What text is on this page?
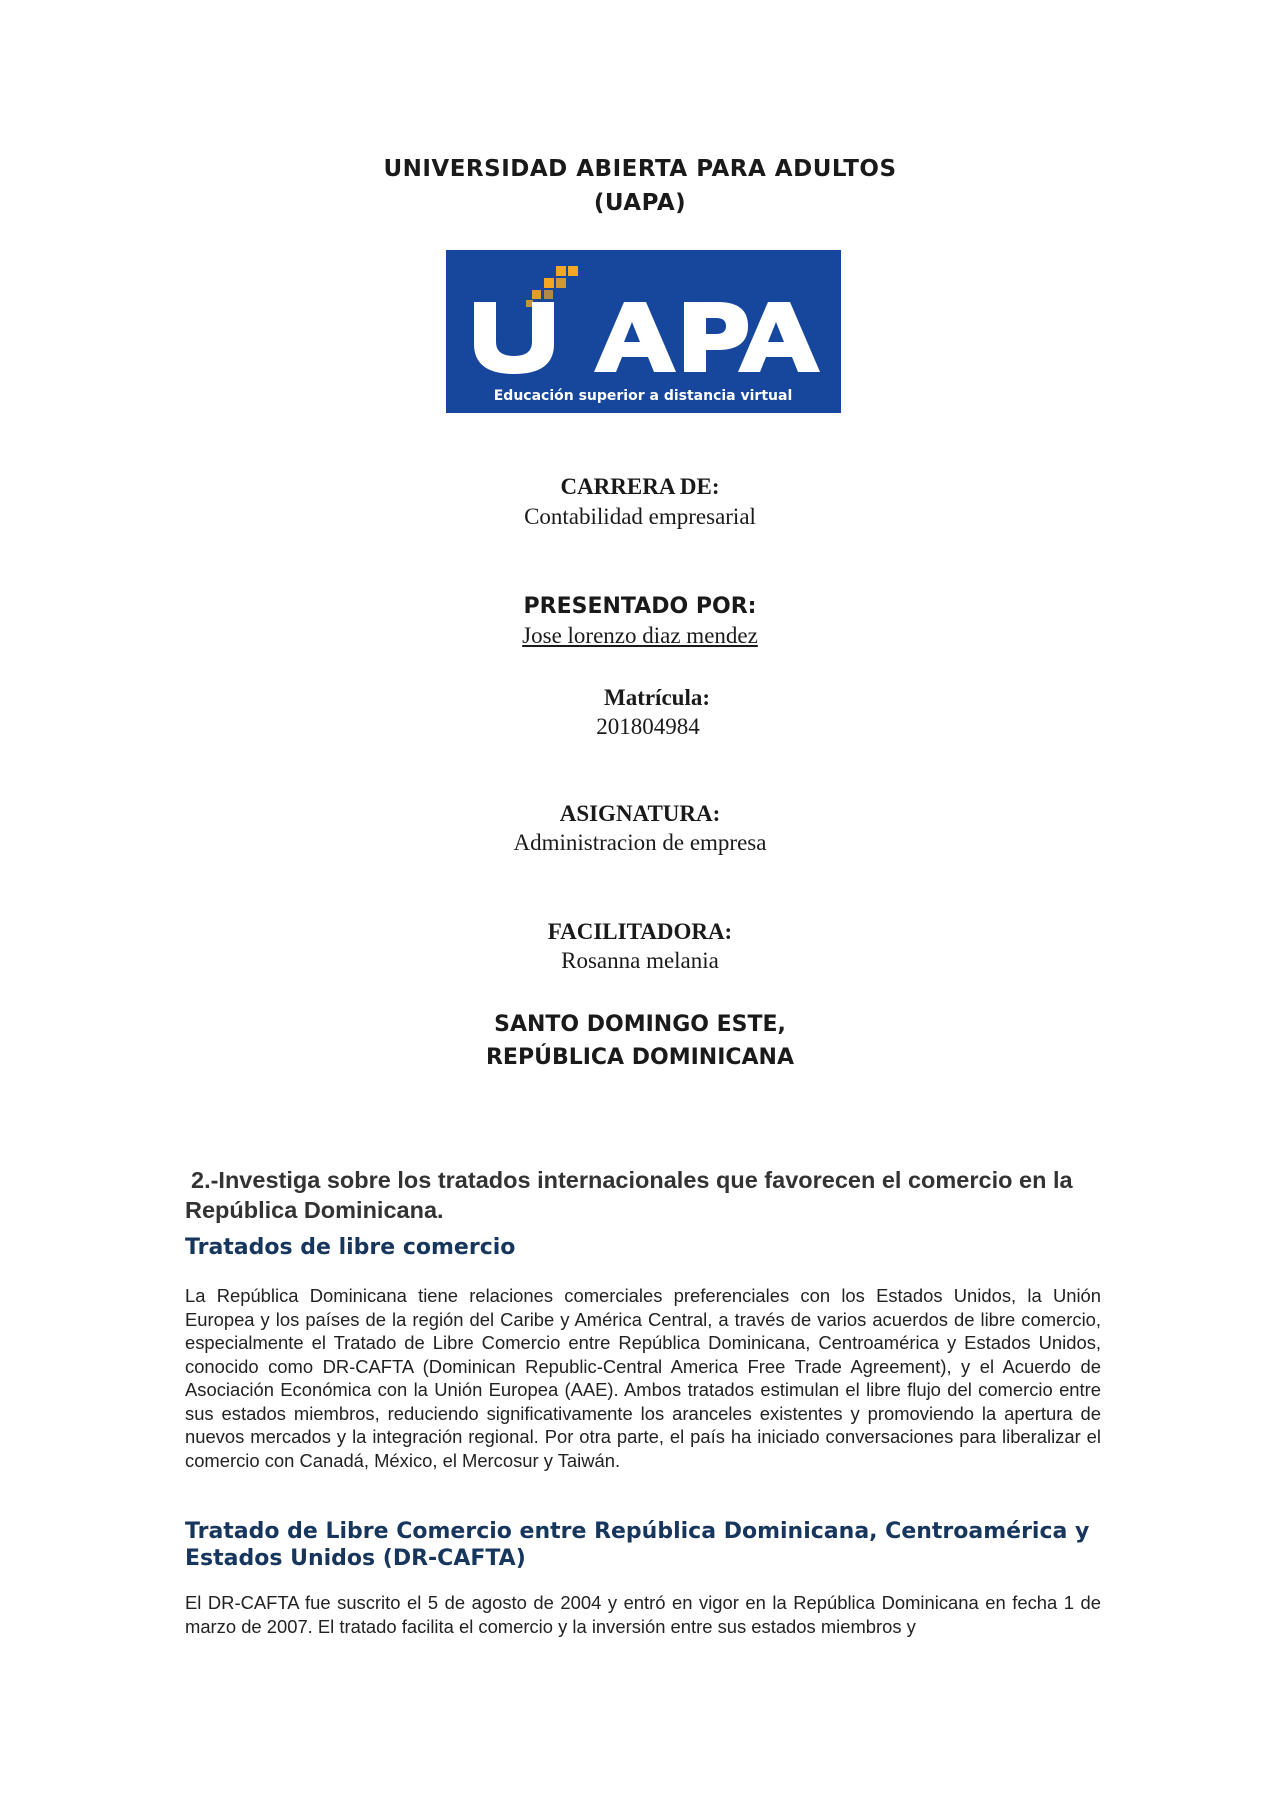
UNIVERSIDAD ABIERTA PARA ADULTOS
(UAPA)
Educación superior a distancia virtual
CARRERA DE:
Contabilidad empresarial
PRESENTADO POR:
Jose lorenzo diaz mendez
Matrícula:
201804984
ASIGNATURA:
Administracion de empresa
FACILITADORA:
Rosanna melania
SANTO DOMINGO ESTE,
REPÚBLICA DOMINICANA
2.-Investiga sobre los tratados internacionales que favorecen el comercio en la República Dominicana.
Tratados de libre comercio
La República Dominicana tiene relaciones comerciales preferenciales con los Estados Unidos, la Unión Europea y los países de la región del Caribe y América Central, a través de varios acuerdos de libre comercio, especialmente el Tratado de Libre Comercio entre República Dominicana, Centroamérica y Estados Unidos, conocido como DR-CAFTA (Dominican Republic-Central America Free Trade Agreement), y el Acuerdo de Asociación Económica con la Unión Europea (AAE). Ambos tratados estimulan el libre flujo del comercio entre sus estados miembros, reduciendo significativamente los aranceles existentes y promoviendo la apertura de nuevos mercados y la integración regional. Por otra parte, el país ha iniciado conversaciones para liberalizar el comercio con Canadá, México, el Mercosur y Taiwán.
Tratado de Libre Comercio entre República Dominicana, Centroamérica y Estados Unidos (DR-CAFTA)
El DR-CAFTA fue suscrito el 5 de agosto de 2004 y entró en vigor en la República Dominicana en fecha 1 de marzo de 2007. El tratado facilita el comercio y la inversión entre sus estados miembros y
